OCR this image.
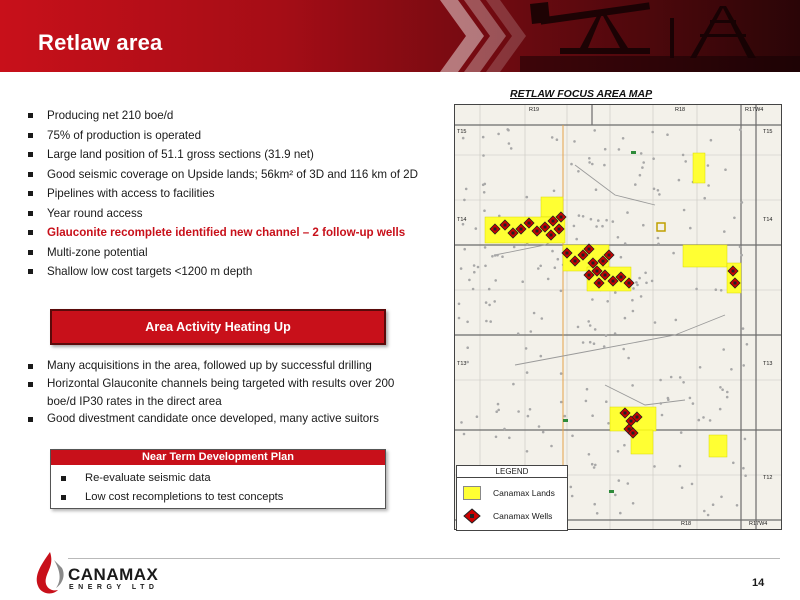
Retlaw area
Producing net 210 boe/d
75% of production is operated
Large land position of 51.1 gross sections (31.9 net)
Good seismic coverage on Upside lands; 56km² of 3D and 116 km of 2D
Pipelines with access to facilities
Year round access
Glauconite recomplete identified new channel – 2 follow-up wells
Multi-zone potential
Shallow low cost targets <1200 m depth
Area Activity Heating Up
Many acquisitions in the area, followed up by successful drilling
Horizontal Glauconite channels being targeted with results over 200 boe/d IP30 rates in the direct area
Good divestment candidate once developed, many active suitors
Near Term Development Plan
Re-evaluate seismic data
Low cost recompletions to test concepts
RETLAW FOCUS AREA MAP
R19	R18	R17W4
R18	R17W4
T15
T14
T13
T15
T14
T13
T12
LEGEND
Canamax Lands
Canamax Wells
CANAMAX
ENERGY LTD	14
